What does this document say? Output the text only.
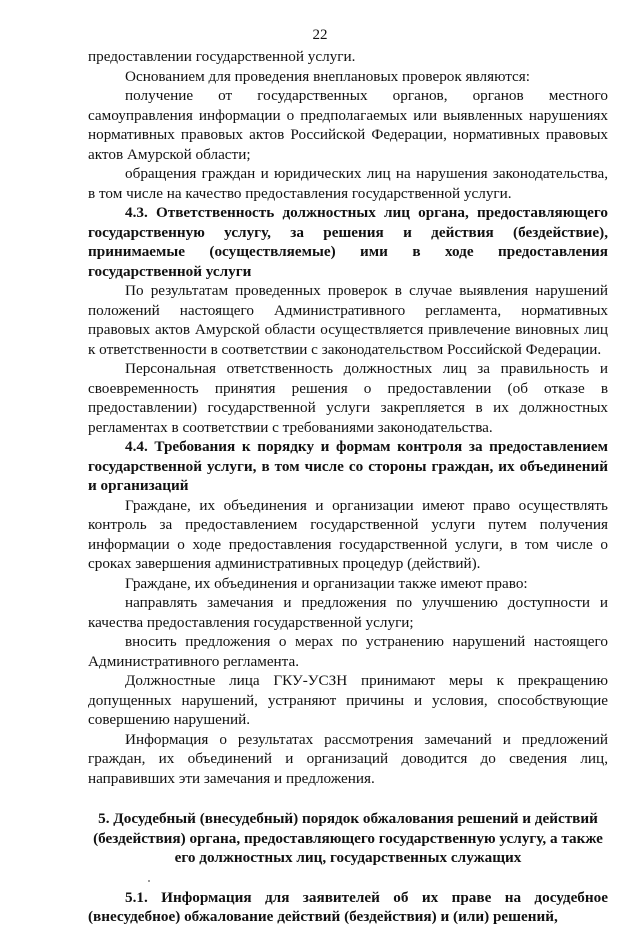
22

предоставлении государственной услуги.

Основанием для проведения внеплановых проверок являются:

получение от государственных органов, органов местного самоуправления информации о предполагаемых или выявленных нарушениях нормативных правовых актов Российской Федерации, нормативных правовых актов Амурской области;

обращения граждан и юридических лиц на нарушения законодательства, в том числе на качество предоставления государственной услуги.

4.3. Ответственность должностных лиц органа, предоставляющего государственную услугу, за решения и действия (бездействие), принимаемые (осуществляемые) ими в ходе предоставления государственной услуги

По результатам проведенных проверок в случае выявления нарушений положений настоящего Административного регламента, нормативных правовых актов Амурской области осуществляется привлечение виновных лиц к ответственности в соответствии с законодательством Российской Федерации.

Персональная ответственность должностных лиц за правильность и своевременность принятия решения о предоставлении (об отказе в предоставлении) государственной услуги закрепляется в их должностных регламентах в соответствии с требованиями законодательства.

4.4. Требования к порядку и формам контроля за предоставлением государственной услуги, в том числе со стороны граждан, их объединений и организаций

Граждане, их объединения и организации имеют право осуществлять контроль за предоставлением государственной услуги путем получения информации о ходе предоставления государственной услуги, в том числе о сроках завершения административных процедур (действий).

Граждане, их объединения и организации также имеют право:

направлять замечания и предложения по улучшению доступности и качества предоставления государственной услуги;

вносить предложения о мерах по устранению нарушений настоящего Административного регламента.

Должностные лица ГКУ-УСЗН принимают меры к прекращению допущенных нарушений, устраняют причины и условия, способствующие совершению нарушений.

Информация о результатах рассмотрения замечаний и предложений граждан, их объединений и организаций доводится до сведения лиц, направивших эти замечания и предложения.

5. Досудебный (внесудебный) порядок обжалования решений и действий (бездействия) органа, предоставляющего государственную услугу, а также его должностных лиц, государственных служащих

5.1. Информация для заявителей об их праве на досудебное (внесудебное) обжалование действий (бездействия) и (или) решений,
